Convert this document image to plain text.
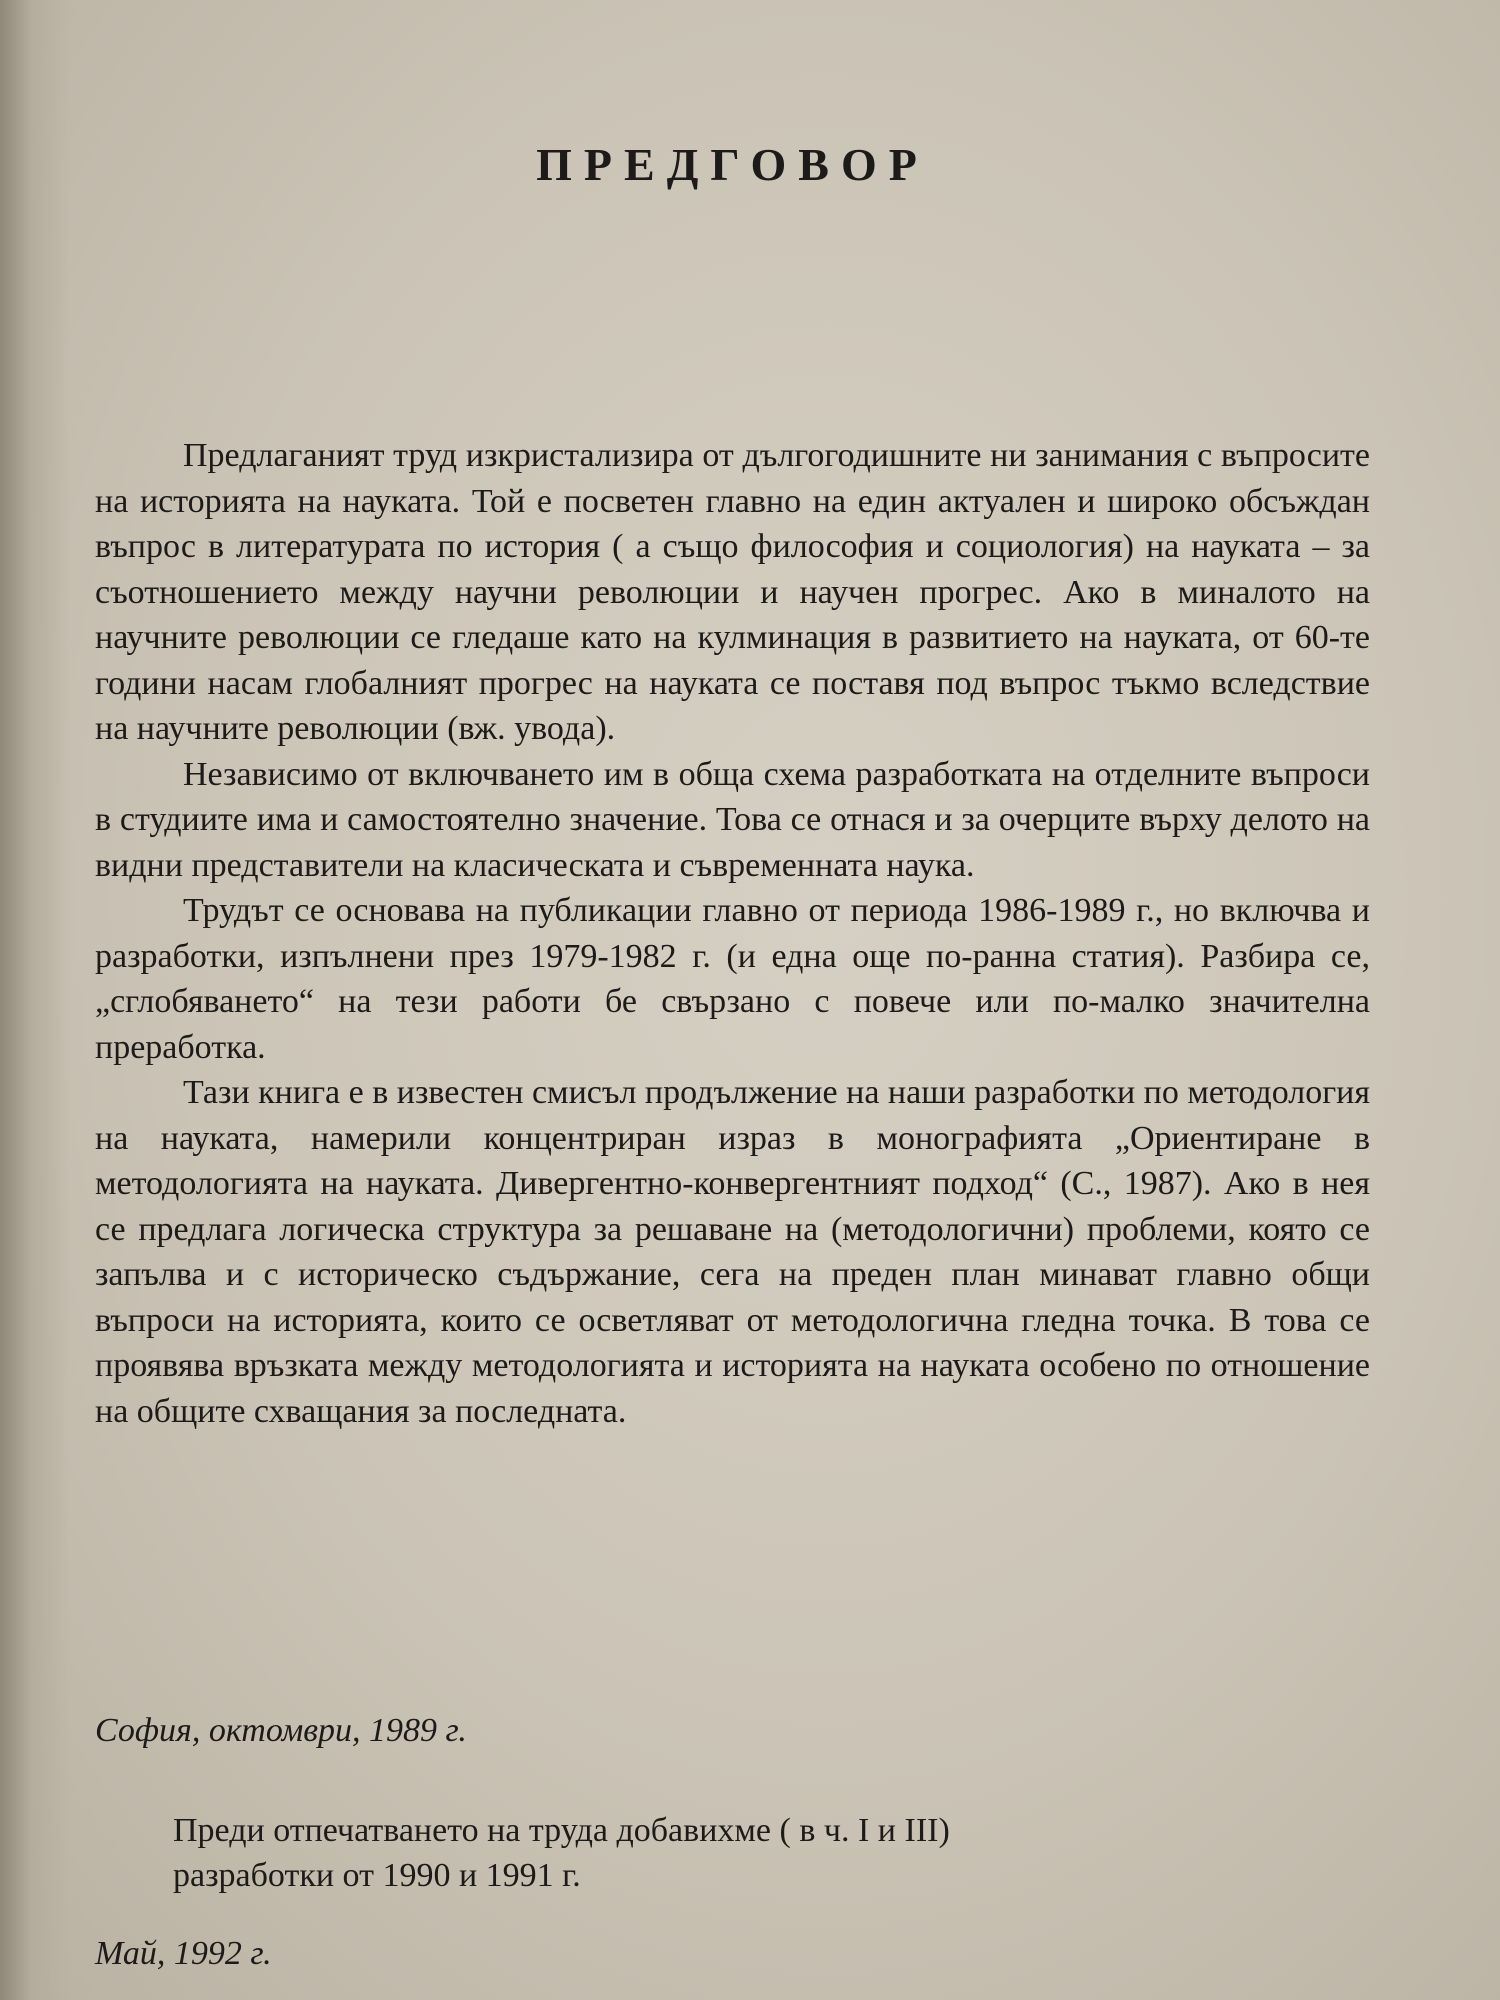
ПРЕДГОВОР

Предлаганият труд изкристализира от дългогодишните ни занимания с въпросите на историята на науката. Той е посветен главно на един актуален и широко обсъждан въпрос в литературата по история ( а също философия и социология) на науката – за съотношението между научни революции и научен прогрес. Ако в миналото на научните революции се гледаше като на кулминация в развитието на науката, от 60-те години насам глобалният прогрес на науката се поставя под въпрос тъкмо вследствие на научните революции (вж. увода).

Независимо от включването им в обща схема разработката на отделните въпроси в студиите има и самостоятелно значение. Това се отнася и за очерците върху делото на видни представители на класическата и съвременната наука.

Трудът се основава на публикации главно от периода 1986-1989 г., но включва и разработки, изпълнени през 1979-1982 г. (и една още по-ранна статия). Разбира се, „сглобяването“ на тези работи бе свързано с повече или по-малко значителна преработка.

Тази книга е в известен смисъл продължение на наши разработки по методология на науката, намерили концентриран израз в монографията „Ориентиране в методологията на науката. Дивергентно-конвергентният подход“ (С., 1987). Ако в нея се предлага логическа структура за решаване на (методологични) проблеми, която се запълва и с историческо съдържание, сега на преден план минават главно общи въпроси на историята, които се осветляват от методологична гледна точка. В това се проявява връзката между методологията и историята на науката особено по отношение на общите схващания за последната.

София, октомври, 1989 г.

Преди отпечатването на труда добавихме ( в ч. I и III)
разработки от 1990 и 1991 г.

Май, 1992 г.
